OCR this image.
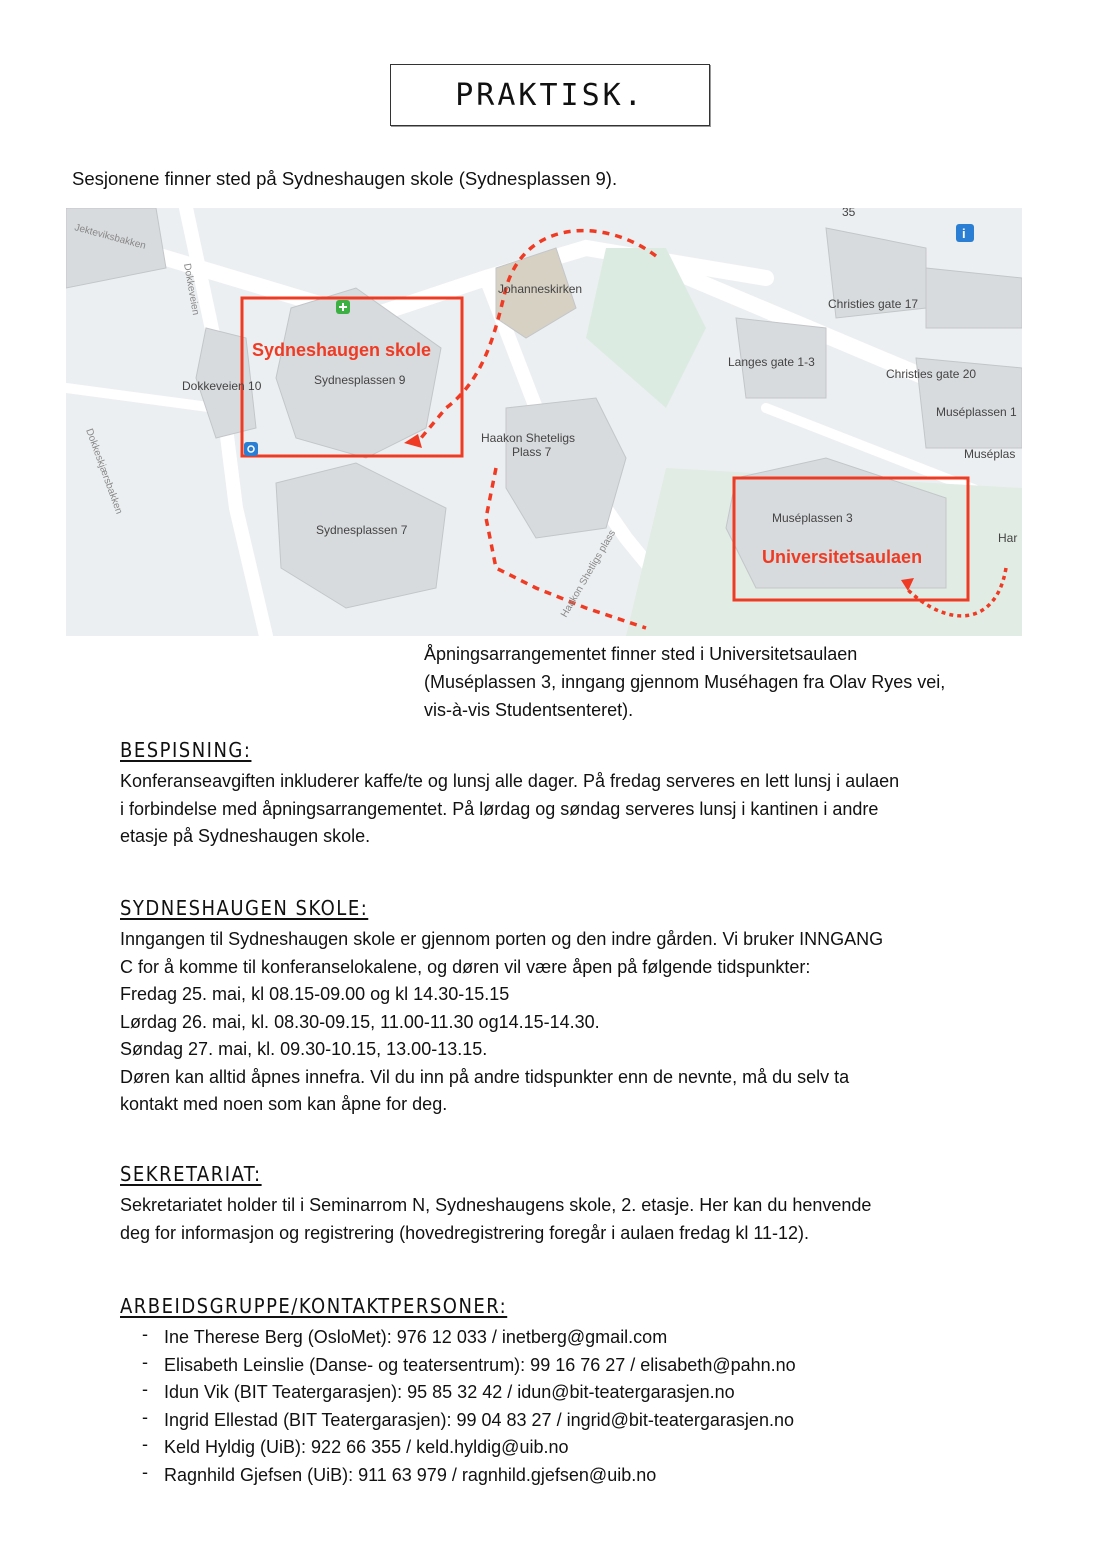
PRAKTISK.
Sesjonene finner sted på Sydneshaugen skole (Sydnesplassen 9).
Sydneshaugen skole
Universitetsaulaen
Sydnesplassen 9
Sydnesplassen 7
Dokkeveien 10
Johanneskirken
Haakon Sheteligs
Plass 7
Muséplassen 3
Christies gate 17
Christies gate 20
Langes gate 1-3
Muséplassen 1
Muséplas
35
Har
Jekteviksbakken
Dokkeveien
Dokkeskjærsbakken
Haakon Shetligs plass
i
Åpningsarrangementet finner sted i Universitetsaulaen
(Muséplassen 3, inngang gjennom Muséhagen fra Olav Ryes vei,
vis-à-vis Studentsenteret).
BESPISNING:

Konferanseavgiften inkluderer kaffe/te og lunsj alle dager. På fredag serveres en lett lunsj i aulaen
i forbindelse med åpningsarrangementet. På lørdag og søndag serveres lunsj i kantinen i andre
etasje på Sydneshaugen skole.

SYDNESHAUGEN SKOLE:

Inngangen til Sydneshaugen skole er gjennom porten og den indre gården. Vi bruker INNGANG
C for å komme til konferanselokalene, og døren vil være åpen på følgende tidspunkter:
Fredag 25. mai, kl 08.15-09.00 og kl 14.30-15.15
Lørdag 26. mai, kl. 08.30-09.15, 11.00-11.30 og14.15-14.30.
Søndag 27. mai, kl. 09.30-10.15, 13.00-13.15.
Døren kan alltid åpnes innefra. Vil du inn på andre tidspunkter enn de nevnte, må du selv ta
kontakt med noen som kan åpne for deg.

SEKRETARIAT:

Sekretariatet holder til i Seminarrom N, Sydneshaugens skole, 2. etasje. Her kan du henvende
deg for informasjon og registrering (hovedregistrering foregår i aulaen fredag kl 11-12).

ARBEIDSGRUPPE/KONTAKTPERSONER:
- Ine Therese Berg (OsloMet): 976 12 033 / inetberg@gmail.com
- Elisabeth Leinslie (Danse- og teatersentrum): 99 16 76 27 / elisabeth@pahn.no
- Idun Vik (BIT Teatergarasjen): 95 85 32 42 / idun@bit-teatergarasjen.no
- Ingrid Ellestad (BIT Teatergarasjen): 99 04 83 27 / ingrid@bit-teatergarasjen.no
- Keld Hyldig (UiB): 922 66 355 / keld.hyldig@uib.no
- Ragnhild Gjefsen (UiB): 911 63 979 / ragnhild.gjefsen@uib.no
